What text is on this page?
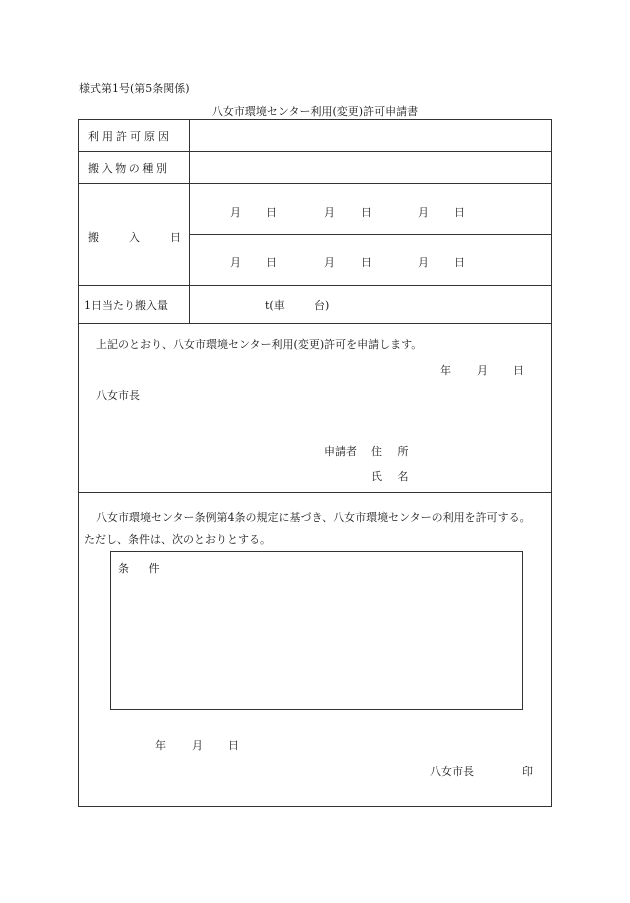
様式第1号(第5条関係)
八女市環境センター利用(変更)許可申請書
利用許可原因
搬入物の種別
搬	入	日
月 日	月 日	月 日
月 日	月 日	月 日
1日当たり搬入量	t(車	台)
上記のとおり、八女市環境センター利用(変更)許可を申請します。
年 月 日
八女市長
申請者 住 所
氏 名
八女市環境センター条例第4条の規定に基づき、八女市環境センターの利用を許可する。
ただし、条件は、次のとおりとする。
条 件
年 月 日
八女市長	印
